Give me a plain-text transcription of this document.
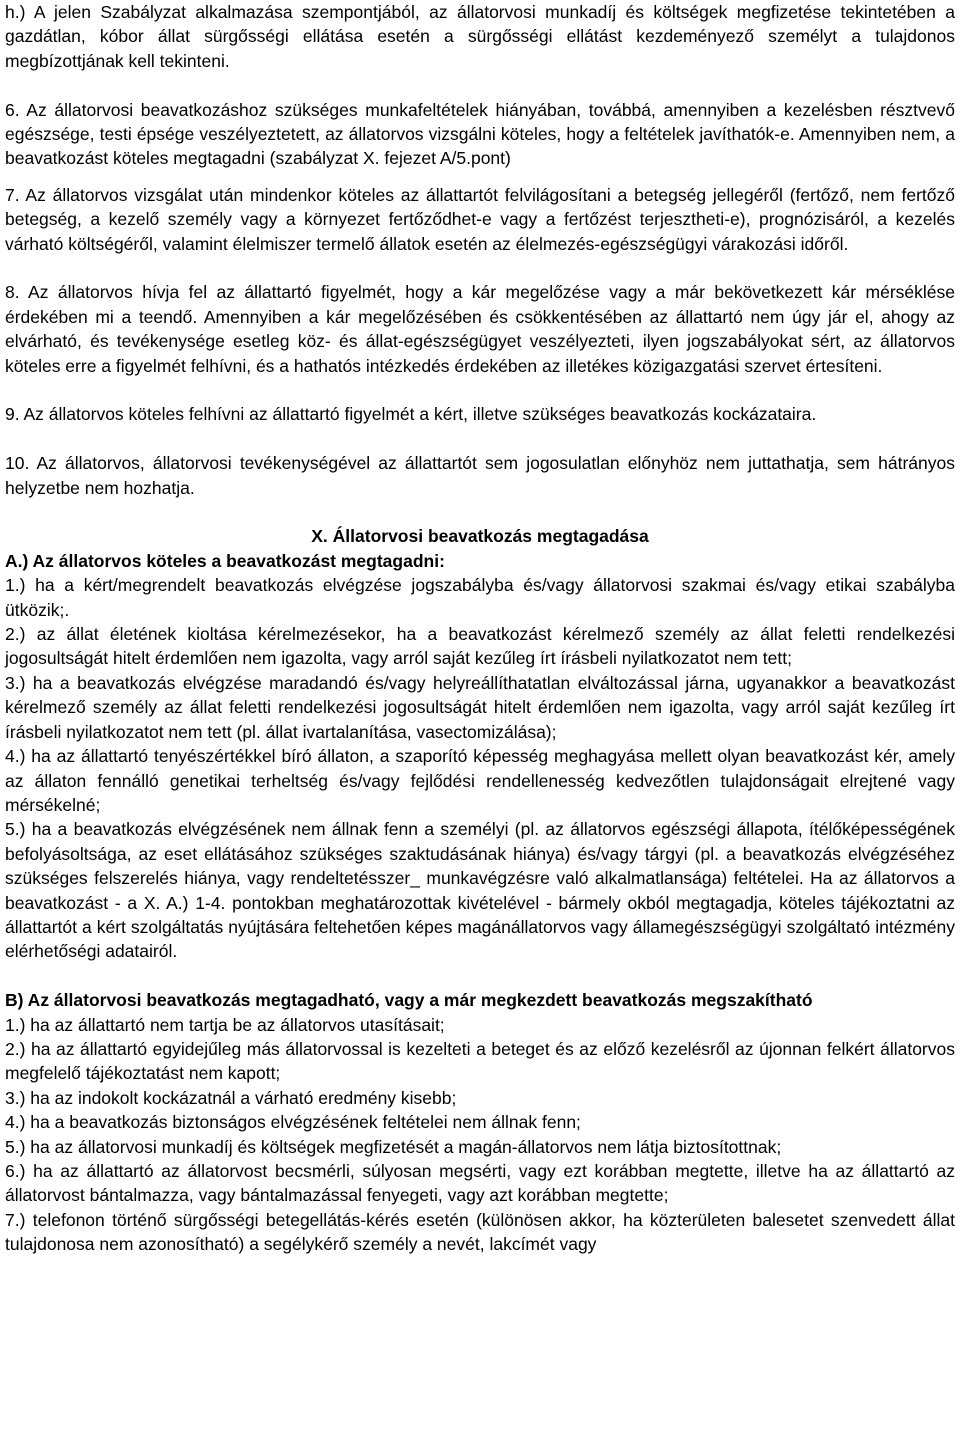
h.) A jelen Szabályzat alkalmazása szempontjából, az állatorvosi munkadíj és költségek megfizetése tekintetében a gazdátlan, kóbor állat sürgősségi ellátása esetén a sürgősségi ellátást kezdeményező személyt a tulajdonos megbízottjának kell tekinteni.

6. Az állatorvosi beavatkozáshoz szükséges munkafeltételek hiányában, továbbá, amennyiben a kezelésben résztvevő egészsége, testi épsége veszélyeztetett, az állatorvos vizsgálni köteles, hogy a feltételek javíthatók-e. Amennyiben nem, a beavatkozást köteles megtagadni (szabályzat X. fejezet A/5.pont)

7. Az állatorvos vizsgálat után mindenkor köteles az állattartót felvilágosítani a betegség jellegéről (fertőző, nem fertőző betegség, a kezelő személy vagy a környezet fertőződhet-e vagy a fertőzést terjesztheti-e), prognózisáról, a kezelés várható költségéről, valamint élelmiszer termelő állatok esetén az élelmezés-egészségügyi várakozási időről.

8. Az állatorvos hívja fel az állattartó figyelmét, hogy a kár megelőzése vagy a már bekövetkezett kár mérséklése érdekében mi a teendő. Amennyiben a kár megelőzésében és csökkentésében az állattartó nem úgy jár el, ahogy az elvárható, és tevékenysége esetleg köz- és állat-egészségügyet veszélyezteti, ilyen jogszabályokat sért, az állatorvos köteles erre a figyelmét felhívni, és a hathatós intézkedés érdekében az illetékes közigazgatási szervet értesíteni.

9. Az állatorvos köteles felhívni az állattartó figyelmét a kért, illetve szükséges beavatkozás kockázataira.

10. Az állatorvos, állatorvosi tevékenységével az állattartót sem jogosulatlan előnyhöz nem juttathatja, sem hátrányos helyzetbe nem hozhatja.

X. Állatorvosi beavatkozás megtagadása

A.) Az állatorvos köteles a beavatkozást megtagadni:

1.) ha a kért/megrendelt beavatkozás elvégzése jogszabályba és/vagy állatorvosi szakmai és/vagy etikai szabályba ütközik;.

2.) az állat életének kioltása kérelmezésekor, ha a beavatkozást kérelmező személy az állat feletti rendelkezési jogosultságát hitelt érdemlően nem igazolta, vagy arról saját kezűleg írt írásbeli nyilatkozatot nem tett;

3.) ha a beavatkozás elvégzése maradandó és/vagy helyreállíthatatlan elváltozással járna, ugyanakkor a beavatkozást kérelmező személy az állat feletti rendelkezési jogosultságát hitelt érdemlően nem igazolta, vagy arról saját kezűleg írt írásbeli nyilatkozatot nem tett (pl. állat ivartalanítása, vasectomizálása);

4.) ha az állattartó tenyészértékkel bíró állaton, a szaporító képesség meghagyása mellett olyan beavatkozást kér, amely az állaton fennálló genetikai terheltség és/vagy fejlődési rendellenesség kedvezőtlen tulajdonságait elrejtené vagy mérsékelné;

5.) ha a beavatkozás elvégzésének nem állnak fenn a személyi (pl. az állatorvos egészségi állapota, ítélőképességének befolyásoltsága, az eset ellátásához szükséges szaktudásának hiánya) és/vagy tárgyi (pl. a beavatkozás elvégzéséhez szükséges felszerelés hiánya, vagy rendeltetésszer_ munkavégzésre való alkalmatlansága) feltételei. Ha az állatorvos a beavatkozást - a X. A.) 1-4. pontokban meghatározottak kivételével - bármely okból megtagadja, köteles tájékoztatni az állattartót a kért szolgáltatás nyújtására feltehetően képes magánállatorvos vagy államegészségügyi szolgáltató intézmény elérhetőségi adatairól.

B) Az állatorvosi beavatkozás megtagadható, vagy a már megkezdett beavatkozás megszakítható

1.) ha az állattartó nem tartja be az állatorvos utasításait;

2.) ha az állattartó egyidejűleg más állatorvossal is kezelteti a beteget és az előző kezelésről az újonnan felkért állatorvos megfelelő tájékoztatást nem kapott;

3.) ha az indokolt kockázatnál a várható eredmény kisebb;

4.) ha a beavatkozás biztonságos elvégzésének feltételei nem állnak fenn;

5.) ha az állatorvosi munkadíj és költségek megfizetését a magán-állatorvos nem látja biztosítottnak;

6.) ha az állattartó az állatorvost becsmérli, súlyosan megsérti, vagy ezt korábban megtette, illetve ha az állattartó az állatorvost bántalmazza, vagy bántalmazással fenyegeti, vagy azt korábban megtette;

7.) telefonon történő sürgősségi betegellátás-kérés esetén (különösen akkor, ha közterületen balesetet szenvedett állat tulajdonosa nem azonosítható) a segélykérő személy a nevét, lakcímét vagy
